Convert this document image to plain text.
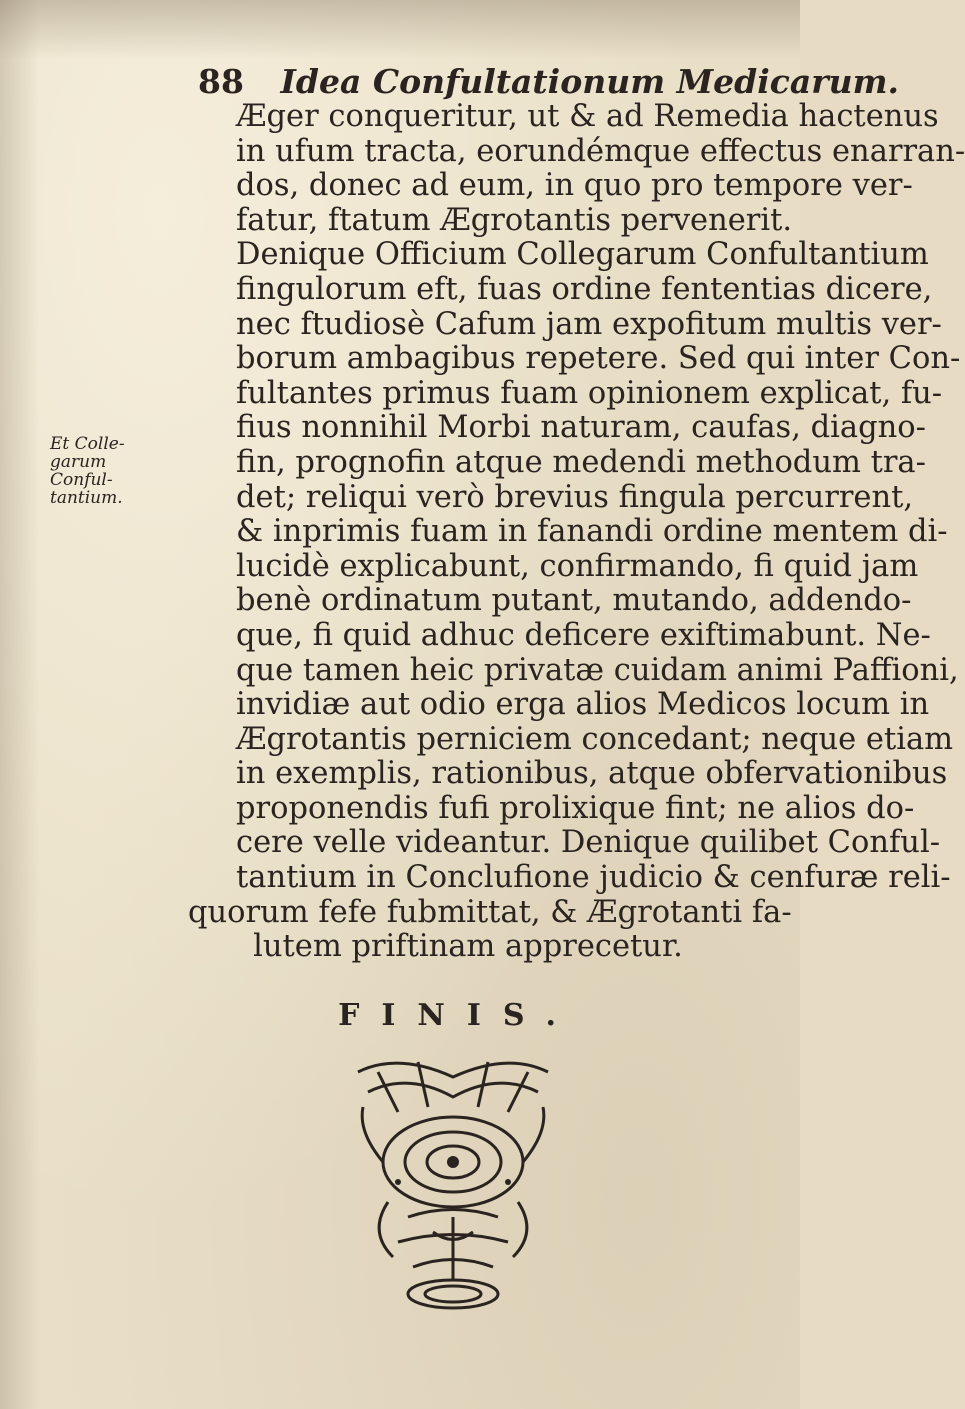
88 Idea Confultationum Medicarum.
Et Colle-
garum
Conful-
tantium.
Æger conqueritur, ut & ad Remedia hactenus
in ufum tracta, eorundémque effectus enarran-
dos, donec ad eum, in quo pro tempore ver-
fatur, ftatum Ægrotantis pervenerit.
Denique Officium Collegarum Confultantium
fingulorum eft, fuas ordine fententias dicere,
nec ftudiosè Cafum jam expofitum multis ver-
borum ambagibus repetere. Sed qui inter Con-
fultantes primus fuam opinionem explicat, fu-
fius nonnihil Morbi naturam, caufas, diagno-
fin, prognofin atque medendi methodum tra-
det; reliqui verò brevius fingula percurrent,
& inprimis fuam in fanandi ordine mentem di-
lucidè explicabunt, confirmando, fi quid jam
benè ordinatum putant, mutando, addendo-
que, fi quid adhuc deficere exiftimabunt. Ne-
que tamen heic privatæ cuidam animi Paffioni,
invidiæ aut odio erga alios Medicos locum in
Ægrotantis perniciem concedant; neque etiam
in exemplis, rationibus, atque obfervationibus
proponendis fufi prolixique fint; ne alios do-
cere velle videantur. Denique quilibet Conful-
tantium in Conclufione judicio & cenfuræ reli-
quorum fefe fubmittat, & Ægrotanti fa-
lutem priftinam apprecetur.
FINIS.
